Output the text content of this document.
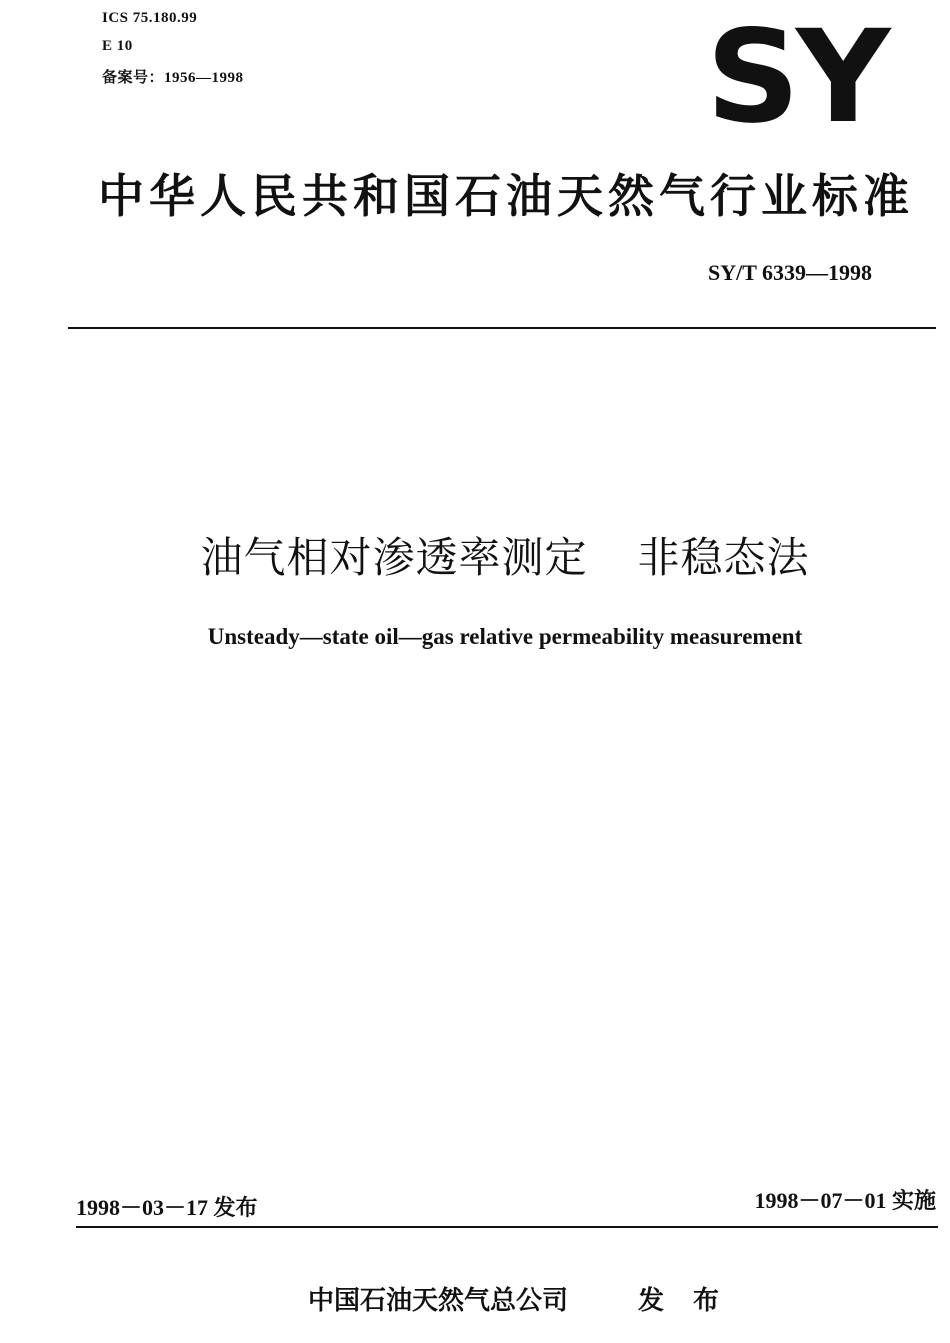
ICS 75.180.99
E 10
备案号：1956—1998	SY
中华人民共和国石油天然气行业标准
SY/T 6339—1998
油气相对渗透率测定 非稳态法
Unsteady—state oil—gas relative permeability measurement
1998－03－17 发布	1998－07－01 实施
中国石油天然气总公司	发 布
